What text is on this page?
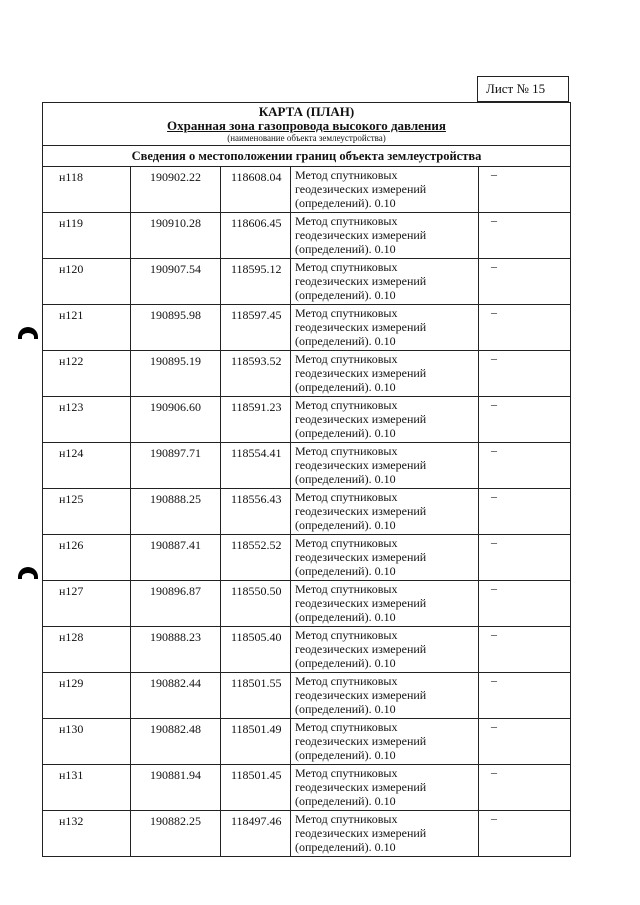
Лист № 15
КАРТА (ПЛАН)
Охранная зона газопровода высокого давления
(наименование объекта землеустройства)				

Сведения о местоположении границ объекта землеустройства				

н118	190902.22	118608.04	Метод спутниковых
геодезических измерений
(определений). 0.10	–

н119	190910.28	118606.45	Метод спутниковых
геодезических измерений
(определений). 0.10	–

н120	190907.54	118595.12	Метод спутниковых
геодезических измерений
(определений). 0.10	–

н121	190895.98	118597.45	Метод спутниковых
геодезических измерений
(определений). 0.10	–

н122	190895.19	118593.52	Метод спутниковых
геодезических измерений
(определений). 0.10	–

н123	190906.60	118591.23	Метод спутниковых
геодезических измерений
(определений). 0.10	–

н124	190897.71	118554.41	Метод спутниковых
геодезических измерений
(определений). 0.10	–

н125	190888.25	118556.43	Метод спутниковых
геодезических измерений
(определений). 0.10	–

н126	190887.41	118552.52	Метод спутниковых
геодезических измерений
(определений). 0.10	–

н127	190896.87	118550.50	Метод спутниковых
геодезических измерений
(определений). 0.10	–

н128	190888.23	118505.40	Метод спутниковых
геодезических измерений
(определений). 0.10	–

н129	190882.44	118501.55	Метод спутниковых
геодезических измерений
(определений). 0.10	–

н130	190882.48	118501.49	Метод спутниковых
геодезических измерений
(определений). 0.10	–

н131	190881.94	118501.45	Метод спутниковых
геодезических измерений
(определений). 0.10	–

н132	190882.25	118497.46	Метод спутниковых
геодезических измерений
(определений). 0.10	–
